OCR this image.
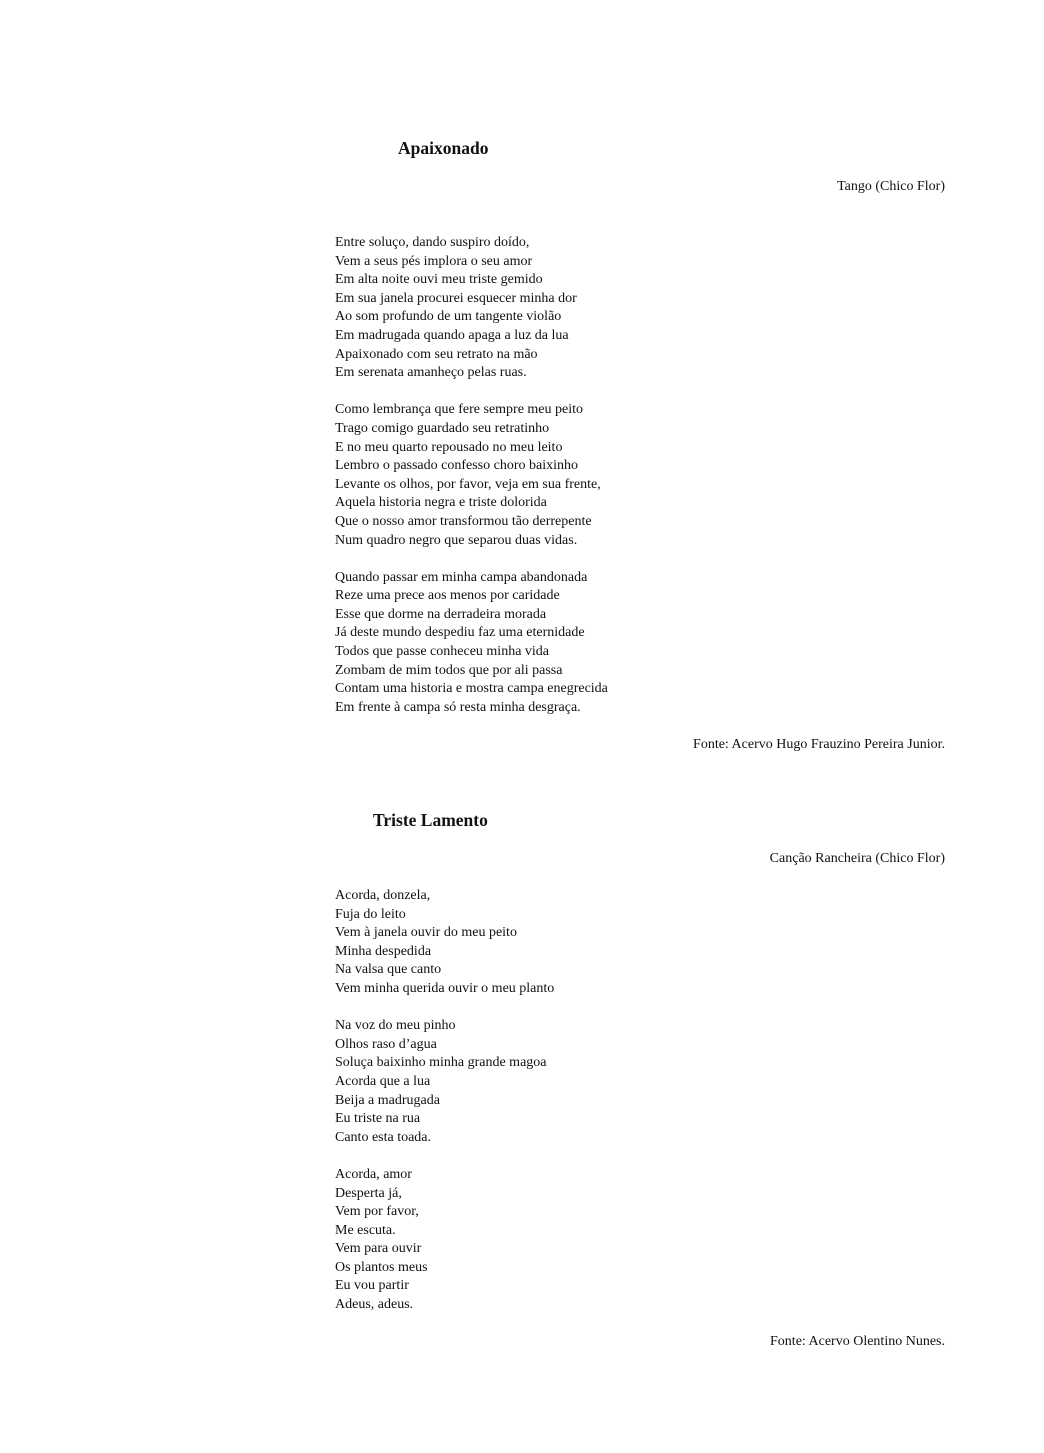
Apaixonado
Tango (Chico Flor)

Entre soluço, dando suspiro doído,
Vem a seus pés implora o seu amor
Em alta noite ouvi meu triste gemido
Em sua janela procurei esquecer minha dor
Ao som profundo de um tangente violão
Em madrugada quando apaga a luz da lua
Apaixonado com seu retrato na mão
Em serenata amanheço pelas ruas.

Como lembrança que fere sempre meu peito
Trago comigo guardado seu retratinho
E no meu quarto repousado no meu leito
Lembro o passado confesso choro baixinho
Levante os olhos, por favor, veja em sua frente,
Aquela historia negra e triste dolorida
Que o nosso amor transformou tão derrepente
Num quadro negro que separou duas vidas.

Quando passar em minha campa abandonada
Reze uma prece aos menos por caridade
Esse que dorme na derradeira morada
Já deste mundo despediu faz uma eternidade
Todos que passe conheceu minha vida
Zombam de mim todos que por ali passa
Contam uma historia e mostra campa enegrecida
Em frente à campa só resta minha desgraça.

Fonte: Acervo Hugo Frauzino Pereira Junior.
Triste Lamento
Canção Rancheira (Chico Flor)

Acorda, donzela,
Fuja do leito
Vem à janela ouvir do meu peito
Minha despedida
Na valsa que canto
Vem minha querida ouvir o meu planto

Na voz do meu pinho
Olhos raso d’agua
Soluça baixinho minha grande magoa
Acorda que a lua
Beija a madrugada
Eu triste na rua
Canto esta toada.

Acorda, amor
Desperta já,
Vem por favor,
Me escuta.
Vem para ouvir
Os plantos meus
Eu vou partir
Adeus, adeus.

Fonte: Acervo Olentino Nunes.
